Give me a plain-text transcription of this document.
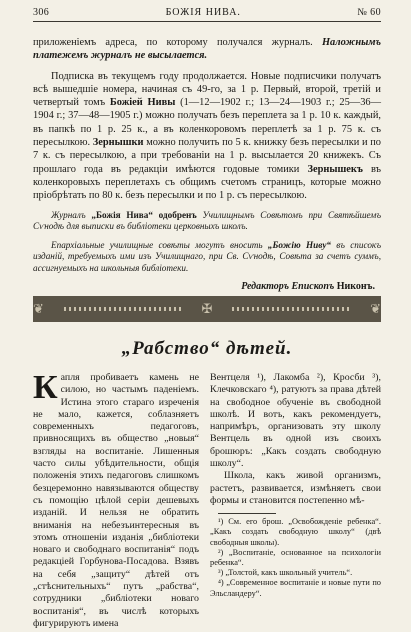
306	БОЖІЯ НИВА.	№ 60

приложеніемъ адреса, по которому получался журналъ. Наложнымъ платежемъ журналъ не высылается.

Подписка въ текущемъ году продолжается. Новые подписчики получатъ всѣ вышедшіе номера, начиная съ 49-го, за 1 р. Первый, второй, третій и четвертый томъ Божіей Нивы (1—12—1902 г.; 13—24—1903 г.; 25—36—1904 г.; 37—48—1905 г.) можно получать безъ переплета за 1 р. 10 к. каждый, въ папкѣ по 1 р. 25 к., а въ коленкоровомъ переплетѣ за 1 р. 75 к. съ пересылкою. Зернышки можно получить по 5 к. книжку безъ пересылки и по 7 к. съ пересылкою, а при требованіи на 1 р. высылается 20 книжекъ. Съ прошлаго года въ редакціи имѣются годовые томики Зернышекъ въ коленкоровыхъ переплетахъ съ общимъ счетомъ страницъ, которые можно пріобрѣтать по 80 к. безъ пересылки и по 1 р. съ пересылкою.

Журналъ „Божія Нива“ одобренъ Училищнымъ Совѣтомъ при Святѣйшемъ Сѵнодѣ для выписки въ библіотеки церковныхъ школъ.

Епархіальные училищные совѣты могутъ вносить „Божію Ниву“ въ списокъ изданій, требуемыхъ ими изъ Училищнаго, при Св. Сѵнодѣ, Совѣта за счетъ суммъ, ассигнуемыхъ на школьныя библіотеки.

Редакторъ Епископъ Никонъ.
❦	✠	❦
„Рабство“ дѣтей.

Капля пробиваетъ камень не силою, но частымъ паденіемъ. Истина этого стараго изреченія не мало, кажется, соблазняетъ современныхъ педагоговъ, привносящихъ въ общество „новыя“ взгляды на воспитаніе. Лишенныя часто силы убѣдительности, общія положенія этихъ педагоговъ слишкомъ безцеремонно навязываются обществу съ помощію цѣлой серіи дешевыхъ изданій. И нельзя не обратить вниманія на небезъинтересныя въ этомъ отношеніи изданія „библіотеки новаго и свободнаго воспитанія“ подъ редакціей Горбунова-Посадова. Взявъ на себя „защиту“ дѣтей отъ „стѣснительныхъ“ путъ „рабства“, сотрудники „библіотеки новаго воспитанія“, въ числѣ которыхъ фигурируютъ имена

Вентцеля ¹), Лакомба ²), Кросби ³), Клечковскаго ⁴), ратуютъ за права дѣтей на свободное обученіе въ свободной школѣ. И вотъ, какъ рекомендуетъ, напримѣръ, организовать эту школу Вентцель въ одной изъ своихъ брошюръ: „Какъ создать свободную школу“.

Школа, какъ живой организмъ, растетъ, развивается, измѣняетъ свои формы и становится постепенно мѣ-

¹) См. его брош. „Освобожденіе ребенка“. „Какъ создать свободную школу“ (двѣ свободныя школы).

²) „Воспитаніе, основанное на психологіи ребенка“.

³) „Толстой, какъ школьный учитель“.

⁴) „Современное воспитаніе и новые пути по Эльсландеру“.
